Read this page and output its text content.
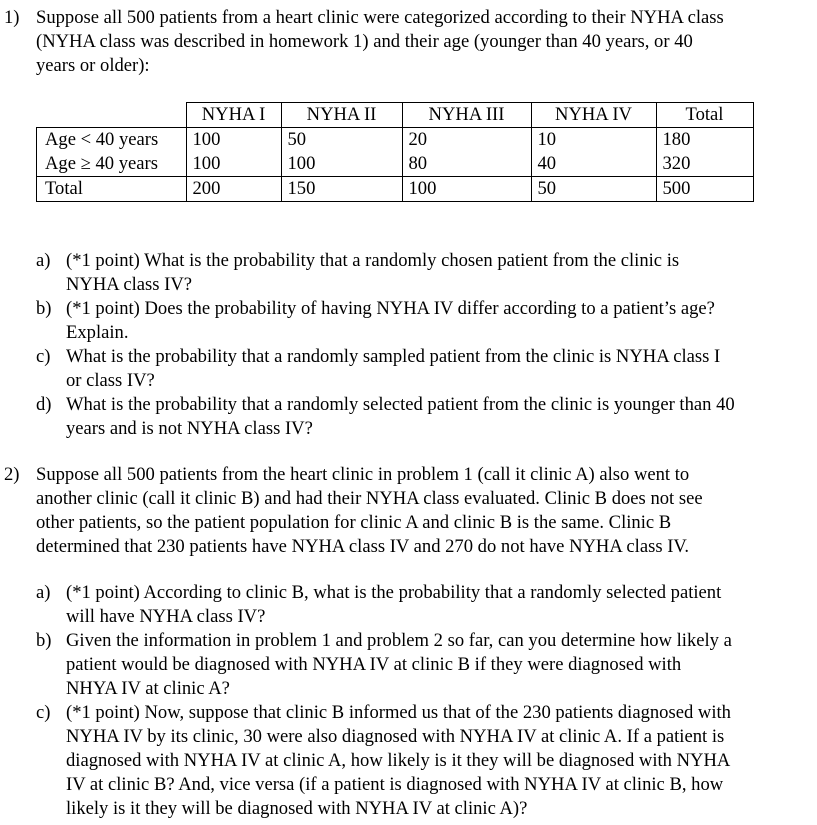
1) Suppose all 500 patients from a heart clinic were categorized according to their NYHA class
(NYHA class was described in homework 1) and their age (younger than 40 years, or 40
years or older):
	NYHA I	NYHA II	NYHA III	NYHA IV	Total
Age < 40 years	100	50	20	10	180
Age ≥ 40 years	100	100	80	40	320
Total	200	150	100	50	500
a) (*1 point) What is the probability that a randomly chosen patient from the clinic is
NYHA class IV?
b) (*1 point) Does the probability of having NYHA IV differ according to a patient’s age?
Explain.
c) What is the probability that a randomly sampled patient from the clinic is NYHA class I
or class IV?
d) What is the probability that a randomly selected patient from the clinic is younger than 40
years and is not NYHA class IV?
2) Suppose all 500 patients from the heart clinic in problem 1 (call it clinic A) also went to
another clinic (call it clinic B) and had their NYHA class evaluated. Clinic B does not see
other patients, so the patient population for clinic A and clinic B is the same. Clinic B
determined that 230 patients have NYHA class IV and 270 do not have NYHA class IV.
a) (*1 point) According to clinic B, what is the probability that a randomly selected patient
will have NYHA class IV?
b) Given the information in problem 1 and problem 2 so far, can you determine how likely a
patient would be diagnosed with NYHA IV at clinic B if they were diagnosed with
NHYA IV at clinic A?
c) (*1 point) Now, suppose that clinic B informed us that of the 230 patients diagnosed with
NYHA IV by its clinic, 30 were also diagnosed with NYHA IV at clinic A. If a patient is
diagnosed with NYHA IV at clinic A, how likely is it they will be diagnosed with NYHA
IV at clinic B? And, vice versa (if a patient is diagnosed with NYHA IV at clinic B, how
likely is it they will be diagnosed with NYHA IV at clinic A)?
